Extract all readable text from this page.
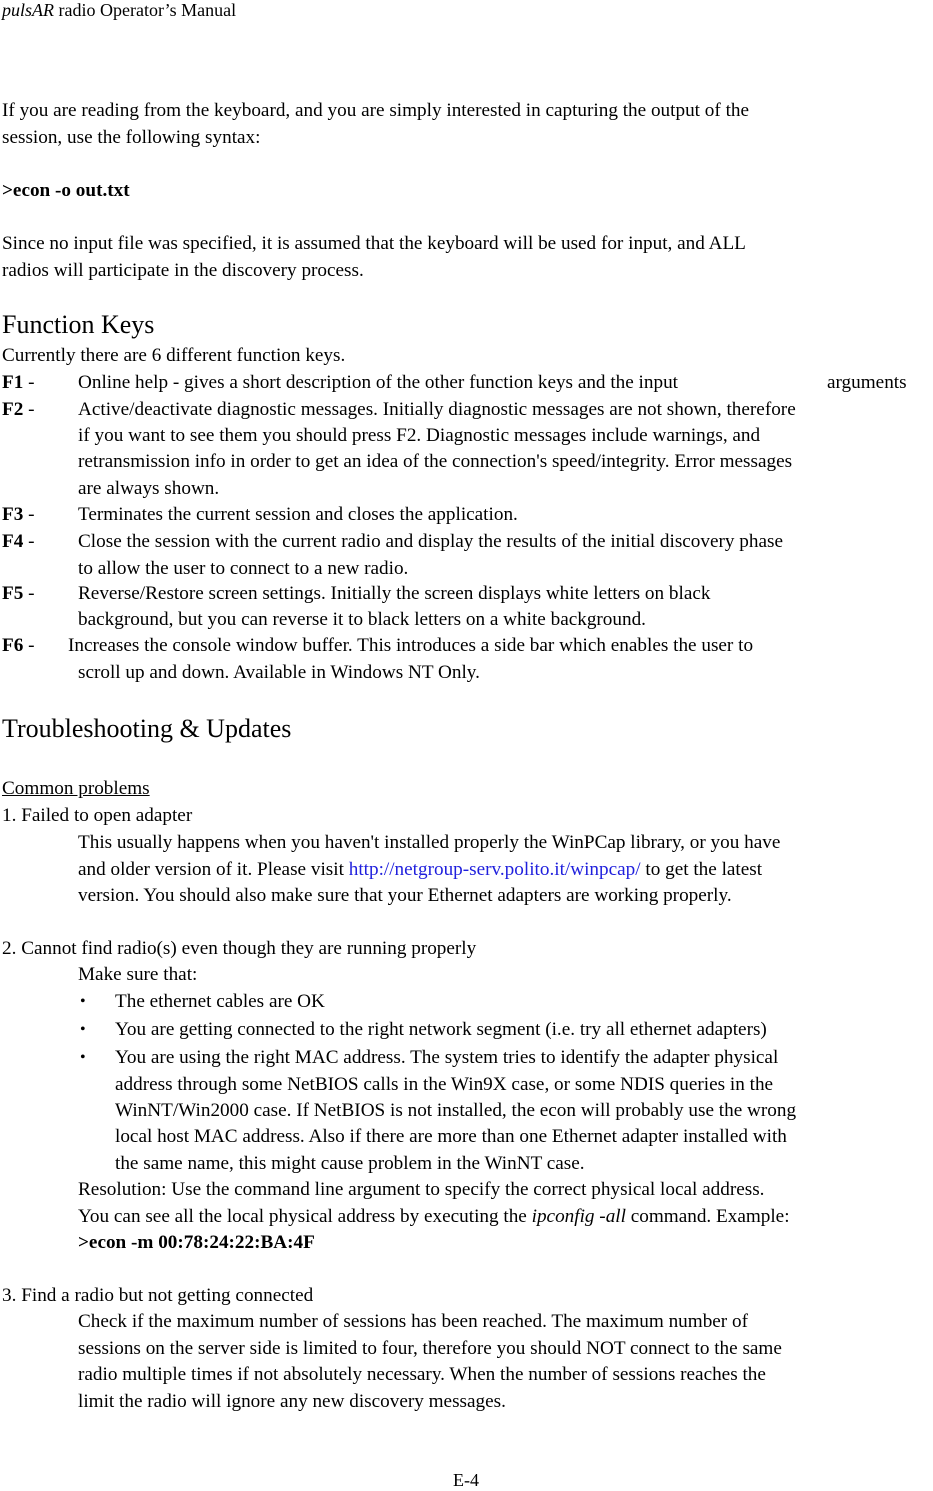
pulsAR radio Operator’s Manual
If you are reading from the keyboard, and you are simply interested in capturing the output of the
session, use the following syntax:
>econ -o out.txt
Since no input file was specified, it is assumed that the keyboard will be used for input, and ALL
radios will participate in the discovery process.
Function Keys
Currently there are 6 different function keys.
F1 - Online help - gives a short description of the other function keys and the input	arguments
F2 - Active/deactivate diagnostic messages. Initially diagnostic messages are not shown, therefore
if you want to see them you should press F2. Diagnostic messages include warnings, and
retransmission info in order to get an idea of the connection's speed/integrity. Error messages
are always shown.
F3 - Terminates the current session and closes the application.
F4 - Close the session with the current radio and display the results of the initial discovery phase
to allow the user to connect to a new radio.
F5 - Reverse/Restore screen settings. Initially the screen displays white letters on black
background, but you can reverse it to black letters on a white background.
F6 - Increases the console window buffer. This introduces a side bar which enables the user to
scroll up and down. Available in Windows NT Only.
Troubleshooting & Updates
Common problems
1. Failed to open adapter
This usually happens when you haven't installed properly the WinPCap library, or you have
and older version of it. Please visit http://netgroup-serv.polito.it/winpcap/ to get the latest
version. You should also make sure that your Ethernet adapters are working properly.
2. Cannot find radio(s) even though they are running properly
Make sure that:
• The ethernet cables are OK
• You are getting connected to the right network segment (i.e. try all ethernet adapters)
• You are using the right MAC address. The system tries to identify the adapter physical
address through some NetBIOS calls in the Win9X case, or some NDIS queries in the
WinNT/Win2000 case. If NetBIOS is not installed, the econ will probably use the wrong
local host MAC address. Also if there are more than one Ethernet adapter installed with
the same name, this might cause problem in the WinNT case.
Resolution: Use the command line argument to specify the correct physical local address.
You can see all the local physical address by executing the ipconfig -all command. Example:
>econ -m 00:78:24:22:BA:4F
3. Find a radio but not getting connected
Check if the maximum number of sessions has been reached. The maximum number of
sessions on the server side is limited to four, therefore you should NOT connect to the same
radio multiple times if not absolutely necessary. When the number of sessions reaches the
limit the radio will ignore any new discovery messages.
E-4
